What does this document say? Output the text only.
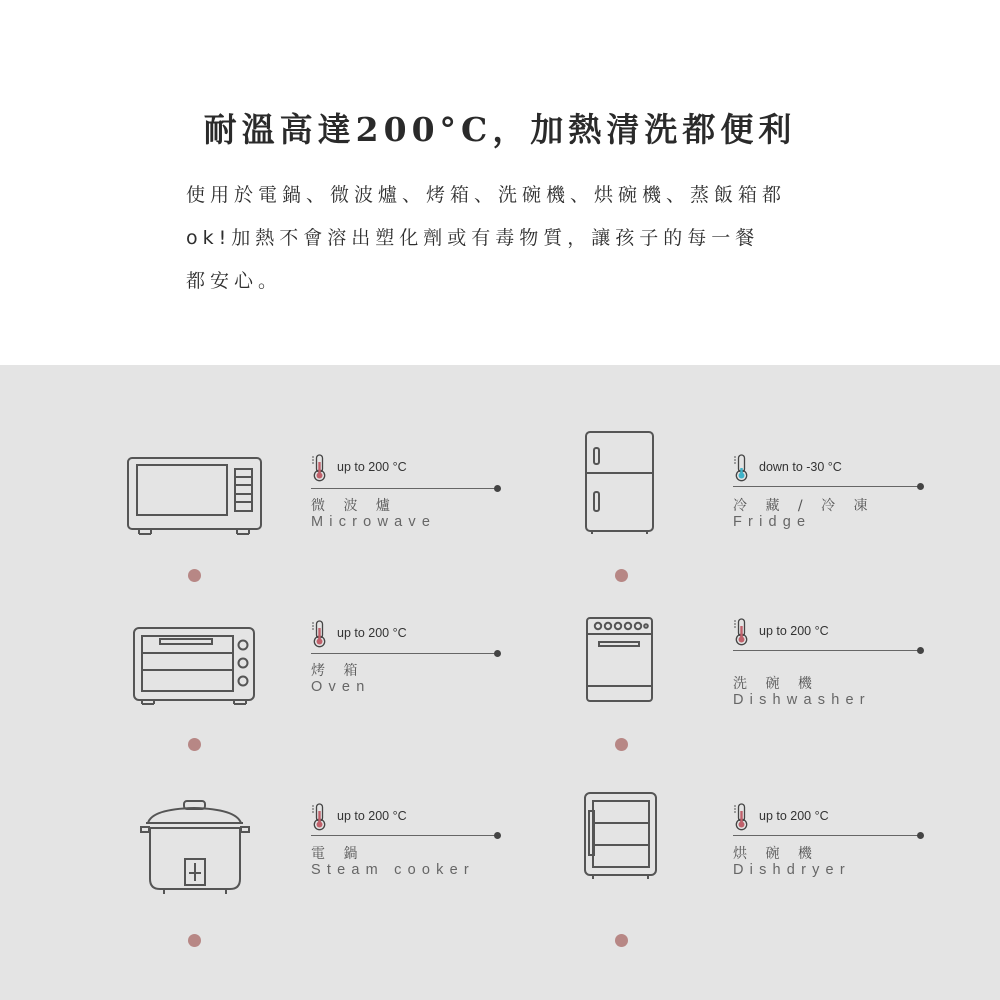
耐溫高達200°C，加熱清洗都便利
使用於電鍋、微波爐、烤箱、洗碗機、烘碗機、蒸飯箱都
ok!加熱不會溶出塑化劑或有毒物質，讓孩子的每一餐
都安心。
up to 200 °C
微 波 爐
Microwave
down to -30 °C
冷 藏 / 冷 凍
Fridge
up to 200 °C
烤 箱
Oven
up to 200 °C
洗 碗 機
Dishwasher
up to 200 °C
電 鍋
Steam cooker
up to 200 °C
烘 碗 機
Dishdryer
